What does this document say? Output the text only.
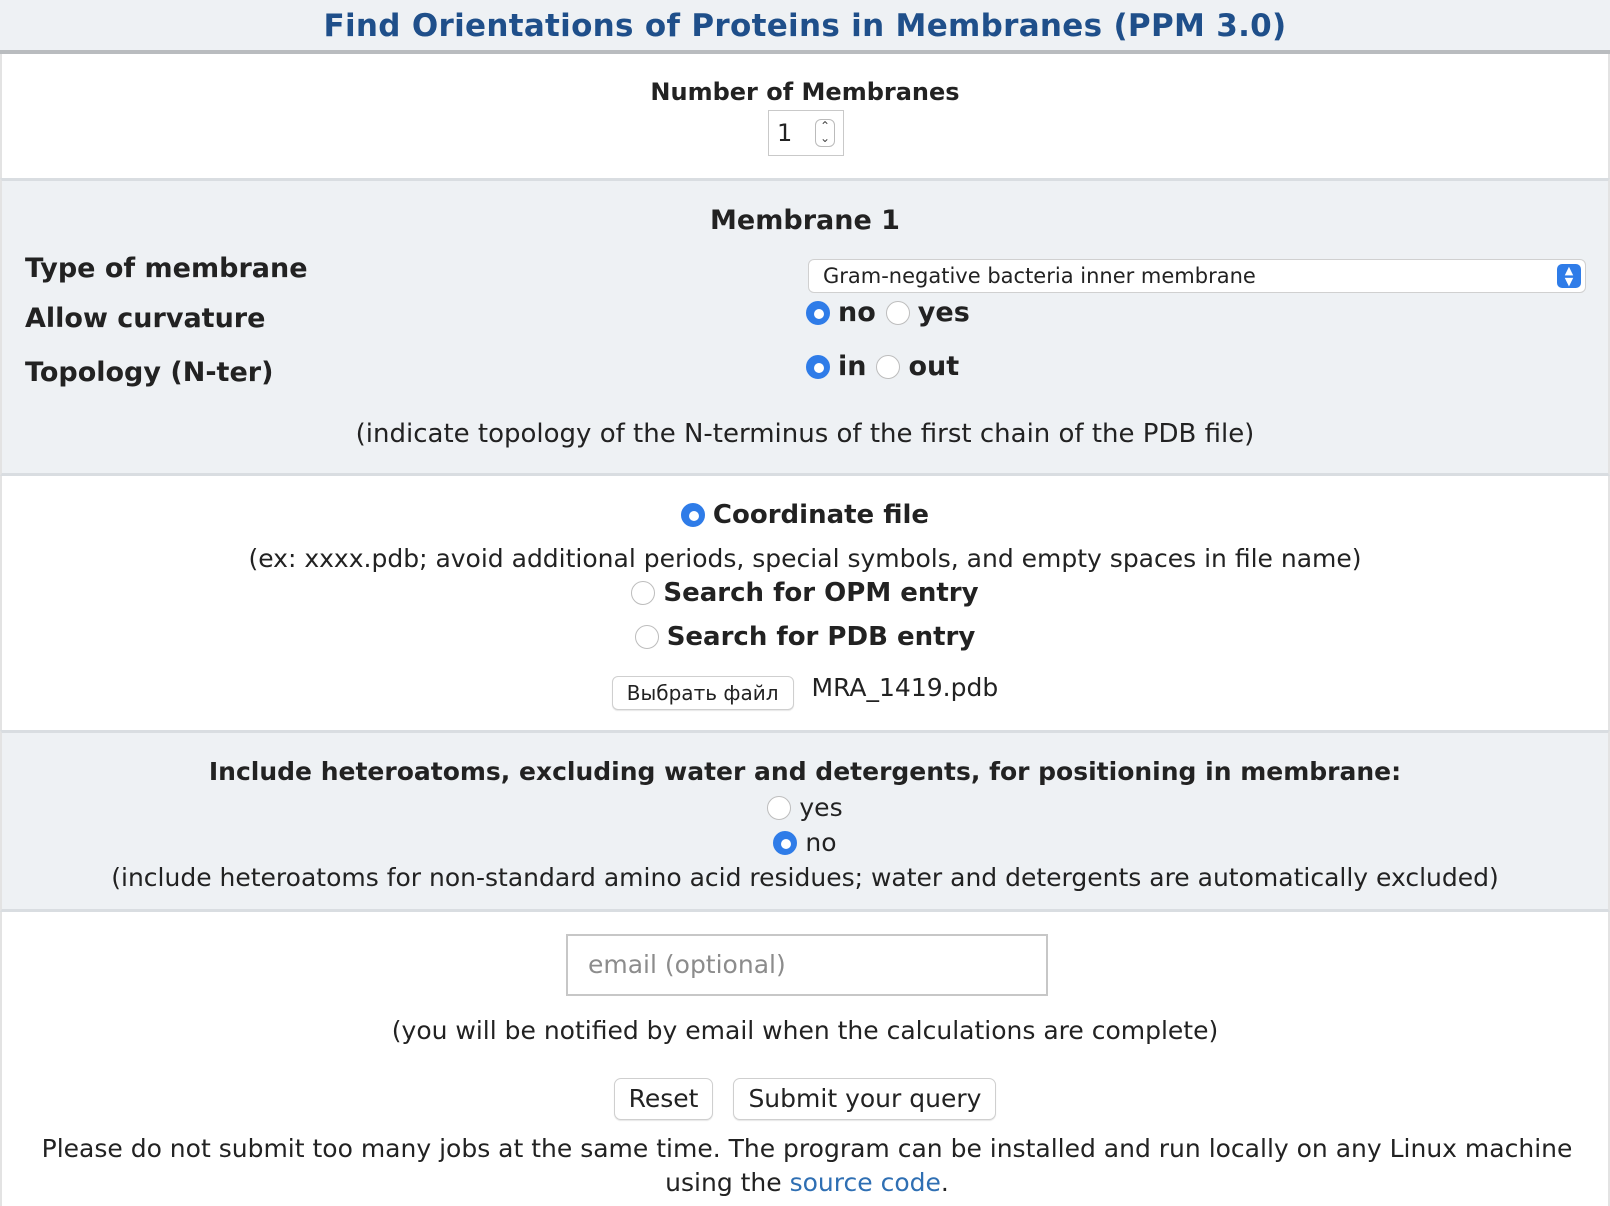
Find Orientations of Proteins in Membranes (PPM 3.0)
Number of Membranes
1	⌃
⌄
Membrane 1
Type of membrane	Gram-negative bacteria inner membrane	▲
▼
Allow curvature	no yes
Topology (N-ter)	in out
(indicate topology of the N-terminus of the first chain of the PDB file)
Coordinate file
(ex: xxxx.pdb; avoid additional periods, special symbols, and empty spaces in file name)
Search for OPM entry
Search for PDB entry
Выбрать файл	MRA_1419.pdb
Include heteroatoms, excluding water and detergents, for positioning in membrane:
yes
no
(include heteroatoms for non-standard amino acid residues; water and detergents are automatically excluded)
email (optional)
(you will be notified by email when the calculations are complete)
Reset	Submit your query
Please do not submit too many jobs at the same time. The program can be installed and run locally on any Linux machine using the source code.
